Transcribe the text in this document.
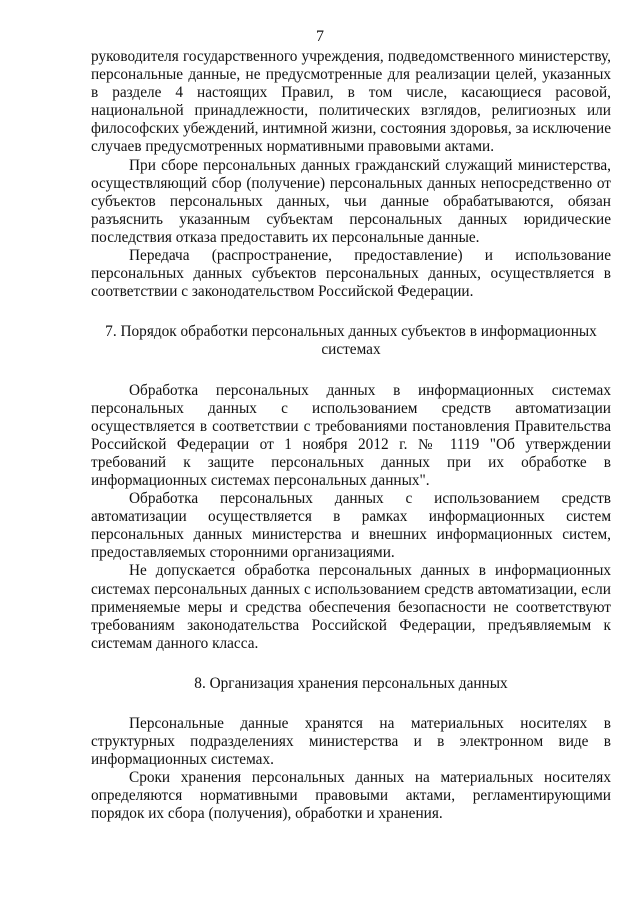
7

руководителя государственного учреждения, подведомственного министерству, персональные данные, не предусмотренные для реализации целей, указанных в разделе 4 настоящих Правил, в том числе, касающиеся расовой, национальной принадлежности, политических взглядов, религиозных или философских убеждений, интимной жизни, состояния здоровья, за исключение случаев предусмотренных нормативными правовыми актами.

При сборе персональных данных гражданский служащий министерства, осуществляющий сбор (получение) персональных данных непосредственно от субъектов персональных данных, чьи данные обрабатываются, обязан разъяснить указанным субъектам персональных данных юридические последствия отказа предоставить их персональные данные.

Передача (распространение, предоставление) и использование персональных данных субъектов персональных данных, осуществляется в соответствии с законодательством Российской Федерации.

7. Порядок обработки персональных данных субъектов в информационных

системах

Обработка персональных данных в информационных системах персональных данных с использованием средств автоматизации осуществляется в соответствии с требованиями постановления Правительства Российской Федерации от 1 ноября 2012 г. № 1119 "Об утверждении требований к защите персональных данных при их обработке в информационных системах персональных данных".

Обработка персональных данных с использованием средств автоматизации осуществляется в рамках информационных систем персональных данных министерства и внешних информационных систем, предоставляемых сторонними организациями.

Не допускается обработка персональных данных в информационных системах персональных данных с использованием средств автоматизации, если применяемые меры и средства обеспечения безопасности не соответствуют требованиям законодательства Российской Федерации, предъявляемым к системам данного класса.

8. Организация хранения персональных данных

Персональные данные хранятся на материальных носителях в структурных подразделениях министерства и в электронном виде в информационных системах.

Сроки хранения персональных данных на материальных носителях определяются нормативными правовыми актами, регламентирующими порядок их сбора (получения), обработки и хранения.
